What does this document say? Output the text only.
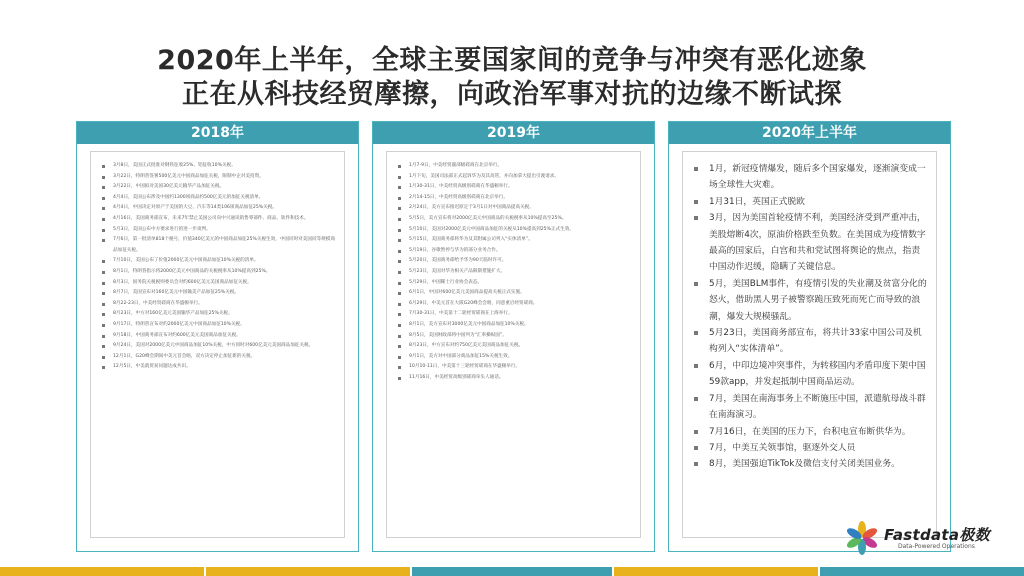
2020年上半年，全球主要国家间的竞争与冲突有恶化迹象
正在从科技经贸摩擦，向政治军事对抗的边缘不断试探
2018年
3月8日，美国正式批准对钢铁征收25%、铝征收10%关税。
3月22日，特朗普签署500亿美元中国商品加征关税，限制中企对美投资。
3月22日，中国拟对美国30亿美元输华产品加征关税。
4月4日，美国公布涉及中国约1300项商品约500亿美元的加征关税清单。
4月4日，中国决定对原产于美国的大豆、汽车等14类106项商品加征25%关税。
4月16日，美国商务部宣布，未来7年禁止美国公司向中兴通讯销售零部件、商品、软件和技术。
5月3日，美国公布中方要求进行的进一步谈判。
7月6日，第一批清单818个税号，价值340亿美元的中国商品加征25%关税生效，中国同时对美国同等规模商品加征关税。
7月10日，美国公布了价值2000亿美元中国商品加征10%关税的清单。
8月1日，特朗普指示将2000亿美元中国商品的关税税率从10%提高到25%。
8月3日，国务院关税税则委员会对约600亿美元美国商品加征关税。
8月7日，美国宣布对160亿美元中国输美产品加征25%关税。
8月22-23日，中美经贸磋商在华盛顿举行。
8月23日，中方对160亿美元美国输华产品加征25%关税。
9月17日，特朗普宣布对约2000亿美元中国商品加征10%关税。
9月18日，中国商务部宣布对约600亿美元美国商品加征关税。
9月24日，美国对2000亿美元中国商品加征10%关税，中方同时对600亿美元美国商品加征关税。
12月1日，G20峰会期间中美元首会晤，双方决定停止加征新的关税。
12月5日，中美就贸易问题达成共识。
2019年
1月7-9日，中美经贸副部级磋商在北京举行。
1月下旬，美国司法部正式起诉华为及其高管，并向加拿大提出引渡请求。
1月30-31日，中美经贸高级别磋商在华盛顿举行。
2月14-15日，中美经贸高级别磋商在北京举行。
2月24日，美方宣布推迟原定于3月1日对中国商品提高关税。
5月5日，美方宣布将对2000亿美元中国商品的关税税率从10%提高至25%。
5月10日，美国对2000亿美元中国商品加征的关税从10%提高到25%正式生效。
5月15日，美国商务部将华为及其附属公司列入“实体清单”。
5月19日，谷歌暂停与华为的部分业务合作。
5月20日，美国商务部给予华为90天临时许可。
5月23日，美国对华为相关产品限制措施扩大。
5月29日，中国稀土行业协会表态。
6月1日，中国对600亿美元美国商品提高关税正式实施。
6月29日，中美元首在大阪G20峰会会晤，同意重启经贸磋商。
7月30-31日，中美第十二轮经贸磋商在上海举行。
8月1日，美方宣布对3000亿美元中国商品加征10%关税。
8月5日，美国财政部将中国列为“汇率操纵国”。
8月23日，中方宣布对约750亿美元美国商品加征关税。
9月1日，美方对中国部分商品加征15%关税生效。
10月10-11日，中美第十三轮经贸磋商在华盛顿举行。
11月16日，中美经贸高级别磋商牵头人通话。
2020年上半年
1月，新冠疫情爆发，随后多个国家爆发，逐渐演变成一场全球性大灾难。
1月31日，英国正式脱欧
3月，因为美国首轮疫情不利，美国经济受到严重冲击，美股熔断4次，原油价格跌至负数。在美国成为疫情数字最高的国家后，白宫和共和党试图将舆论的焦点，指责中国动作迟缓，隐瞒了关键信息。
5月，美国BLM事件，有疫情引发的失业潮及贫富分化的怒火，借助黑人男子被警察跪压致死而死亡而导致的浪潮，爆发大规模骚乱。
5月23日，美国商务部宣布，将共计33家中国公司及机构列入“实体清单”。
6月，中印边境冲突事件，为转移国内矛盾印度下架中国59款app，并发起抵制中国商品运动。
7月，美国在南海事务上不断施压中国，派遣航母战斗群在南海演习。
7月16日，在美国的压力下，台积电宣布断供华为。
7月，中美互关领事馆，驱逐外交人员
8月，美国强迫TikTok及微信支付关闭美国业务。
Fastdata极数
Data-Powered Operations
